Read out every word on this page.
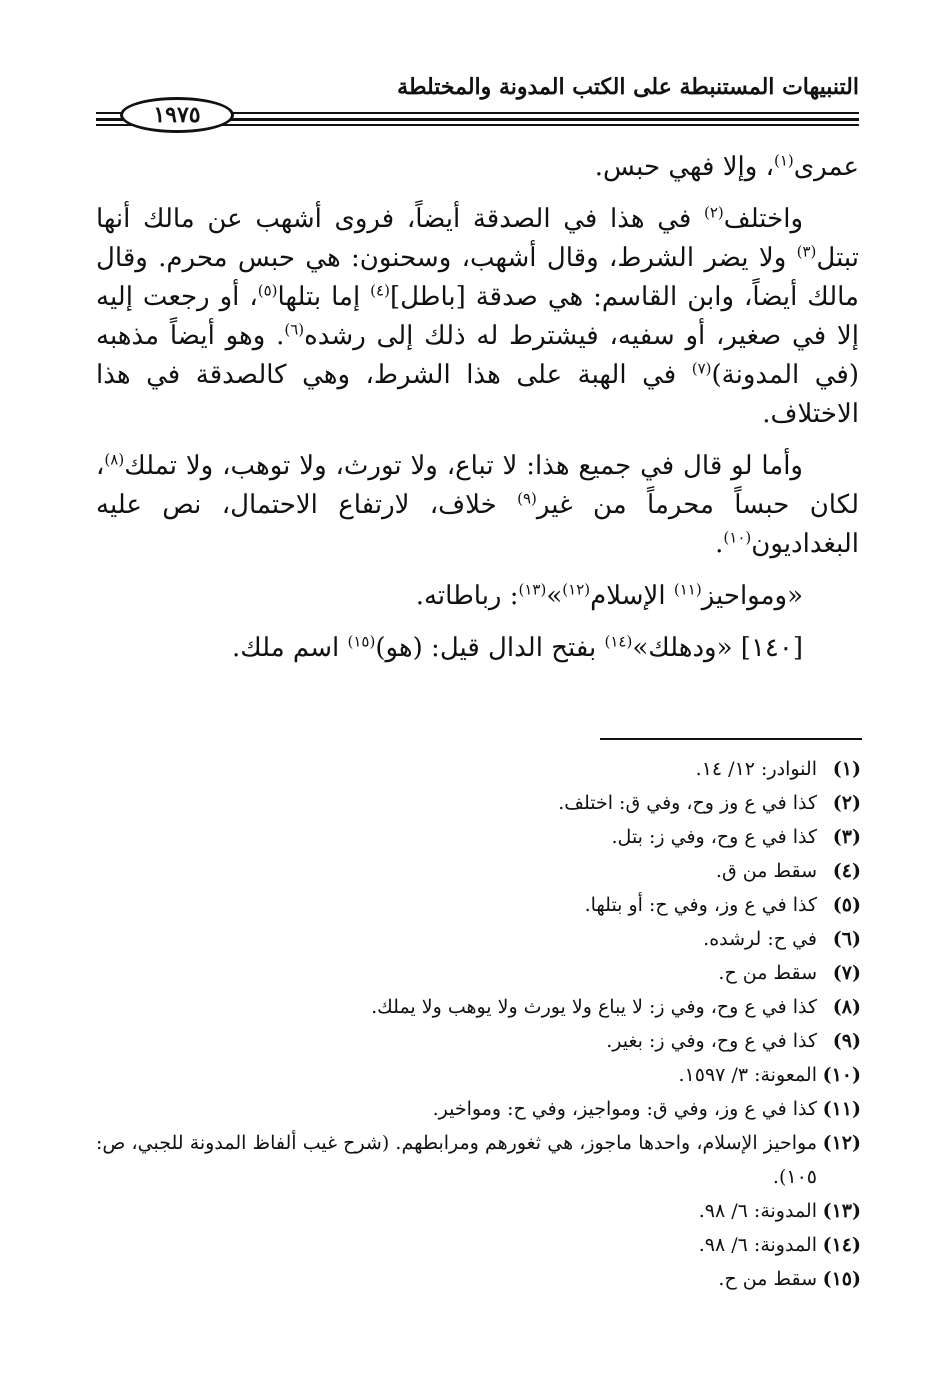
التنبيهات المستنبطة على الكتب المدونة والمختلطة
١٩٧٥

عمرى$^{(١)}$، وإلا فهي حبس.

واختلف$^{(٢)}$ في هذا في الصدقة أيضاً، فروى أشهب عن مالك أنها تبتل$^{(٣)}$ ولا يضر الشرط، وقال أشهب، وسحنون: هي حبس محرم. وقال مالك أيضاً، وابن القاسم: هي صدقة [باطل]$^{(٤)}$ إما بتلها$^{(٥)}$، أو رجعت إليه إلا في صغير، أو سفيه، فيشترط له ذلك إلى رشده$^{(٦)}$. وهو أيضاً مذهبه (في المدونة)$^{(٧)}$ في الهبة على هذا الشرط، وهي كالصدقة في هذا الاختلاف.

وأما لو قال في جميع هذا: لا تباع، ولا تورث، ولا توهب، ولا تملك$^{(٨)}$، لكان حبساً محرماً من غير$^{(٩)}$ خلاف، لارتفاع الاحتمال، نص عليه البغداديون$^{(١٠)}$.

«ومواحيز$^{(١١)}$ الإسلام$^{(١٢)}$»$^{(١٣)}$: رباطاته.

[١٤٠] «ودهلك»$^{(١٤)}$ بفتح الدال قيل: (هو)$^{(١٥)}$ اسم ملك.

(١)
النوادر: ١٢/ ١٤.
(٢)
كذا في ع وز وح، وفي ق: اختلف.
(٣)
كذا في ع وح، وفي ز: بتل.
(٤)
سقط من ق.
(٥)
كذا في ع وز، وفي ح: أو بتلها.
(٦)
في ح: لرشده.
(٧)
سقط من ح.
(٨)
كذا في ع وح، وفي ز: لا يباع ولا يورث ولا يوهب ولا يملك.
(٩)
كذا في ع وح، وفي ز: بغير.
(١٠)
المعونة: ٣/ ١٥٩٧.
(١١)
كذا في ع وز، وفي ق: ومواجيز، وفي ح: ومواخير.
(١٢)
مواحيز الإسلام، واحدها ماجوز، هي ثغورهم ومرابطهم. (شرح غيب ألفاظ المدونة للجبي، ص: ١٠٥).
(١٣)
المدونة: ٦/ ٩٨.
(١٤)
المدونة: ٦/ ٩٨.
(١٥)
سقط من ح.
